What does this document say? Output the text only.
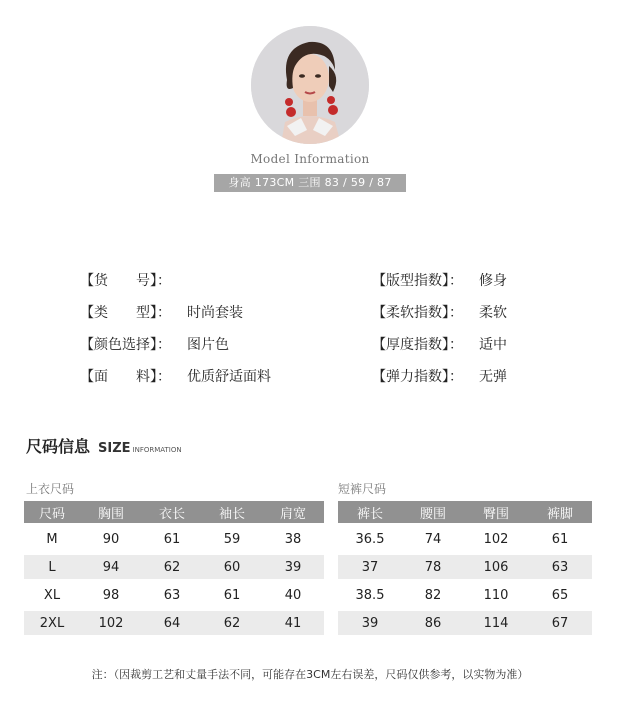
Model Information
身高 173CM 三围 83 / 59 / 87
【货　　号】：
【类　　型】： 时尚套装
【颜色选择】： 图片色
【面　　料】： 优质舒适面料
【版型指数】： 修身
【柔软指数】： 柔软
【厚度指数】： 适中
【弹力指数】： 无弹
尺码信息 SIZE INFORMATION
上衣尺码	短裤尺码
尺码	胸围	衣长	袖长	肩宽
M	90	61	59	38
L	94	62	60	39
XL	98	63	61	40
2XL	102	64	62	41
裤长	腰围	臀围	裤脚
36.5	74	102	61
37	78	106	63
38.5	82	110	65
39	86	114	67
注：（因裁剪工艺和丈量手法不同，可能存在3CM左右误差，尺码仅供参考，以实物为准）
